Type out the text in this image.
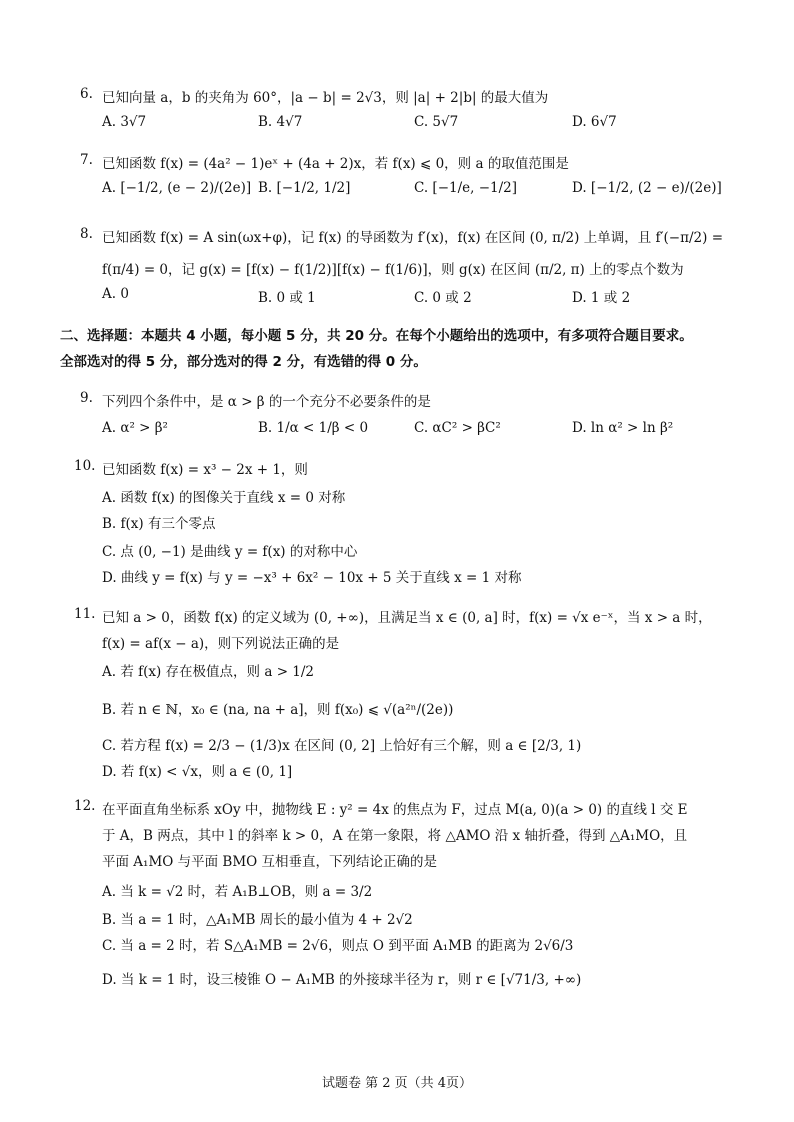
6. 已知向量 a，b 的夹角为 60°，|a − b| = 2√3，则 |a| + 2|b| 的最大值为
A. 3√7	B. 4√7	C. 5√7	D. 6√7
7. 已知函数 f(x) = (4a² − 1)eˣ + (4a + 2)x，若 f(x) ⩽ 0，则 a 的取值范围是
A. [−1/2, (e − 2)/(2e)] B. [−1/2, 1/2]	C. [−1/e, −1/2]	D. [−1/2, (2 − e)/(2e)]
8. 已知函数 f(x) = A sin(ωx+φ)，记 f(x) 的导函数为 f′(x)，f(x) 在区间 (0, π/2) 上单调，且 f′(−π/2) =
f(π/4) = 0，记 g(x) = [f(x) − f(1/2)][f(x) − f(1/6)]，则 g(x) 在区间 (π/2, π) 上的零点个数为
A. 0	B. 0 或 1	C. 0 或 2	D. 1 或 2
二、选择题：本题共 4 小题，每小题 5 分，共 20 分。在每个小题给出的选项中，有多项符合题目要求。
全部选对的得 5 分，部分选对的得 2 分，有选错的得 0 分。
9. 下列四个条件中，是 α > β 的一个充分不必要条件的是
A. α² > β²	B. 1/α < 1/β < 0	C. αC² > βC²	D. ln α² > ln β²
10. 已知函数 f(x) = x³ − 2x + 1，则
A. 函数 f(x) 的图像关于直线 x = 0 对称
B. f(x) 有三个零点
C. 点 (0, −1) 是曲线 y = f(x) 的对称中心
D. 曲线 y = f(x) 与 y = −x³ + 6x² − 10x + 5 关于直线 x = 1 对称
11. 已知 a > 0，函数 f(x) 的定义域为 (0, +∞)，且满足当 x ∈ (0, a] 时，f(x) = √x e⁻ˣ，当 x > a 时，
f(x) = af(x − a)，则下列说法正确的是
A. 若 f(x) 存在极值点，则 a > 1/2
B. 若 n ∈ ℕ，x₀ ∈ (na, na + a]，则 f(x₀) ⩽ √(a²ⁿ/(2e))
C. 若方程 f(x) = 2/3 − (1/3)x 在区间 (0, 2] 上恰好有三个解，则 a ∈ [2/3, 1)
D. 若 f(x) < √x，则 a ∈ (0, 1]
12. 在平面直角坐标系 xOy 中，抛物线 E : y² = 4x 的焦点为 F，过点 M(a, 0)(a > 0) 的直线 l 交 E
于 A，B 两点，其中 l 的斜率 k > 0，A 在第一象限，将 △AMO 沿 x 轴折叠，得到 △A₁MO，且
平面 A₁MO 与平面 BMO 互相垂直，下列结论正确的是
A. 当 k = √2 时，若 A₁B⊥OB，则 a = 3/2
B. 当 a = 1 时，△A₁MB 周长的最小值为 4 + 2√2
C. 当 a = 2 时，若 S△A₁MB = 2√6，则点 O 到平面 A₁MB 的距离为 2√6/3
D. 当 k = 1 时，设三棱锥 O − A₁MB 的外接球半径为 r，则 r ∈ [√71/3, +∞)
试题卷 第 2 页（共 4页）
